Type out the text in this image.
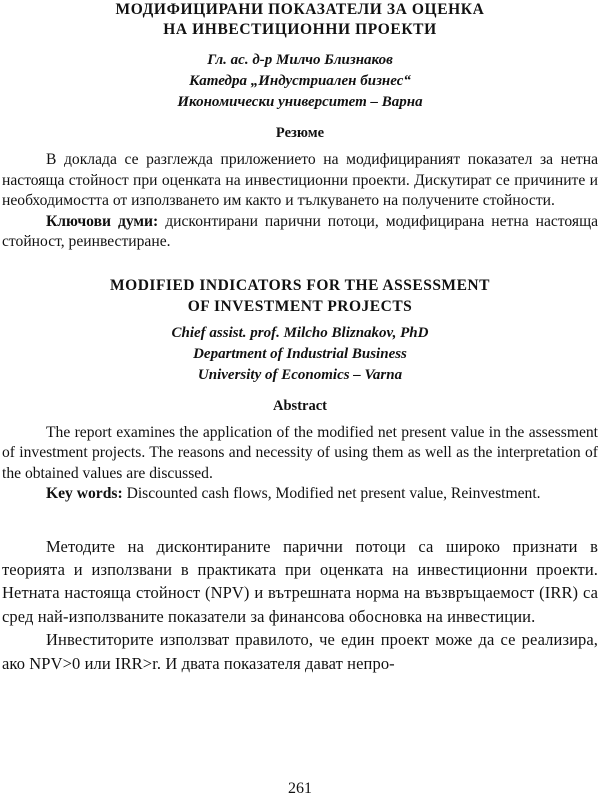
МОДИФИЦИРАНИ ПОКАЗАТЕЛИ ЗА ОЦЕНКА
НА ИНВЕСТИЦИОННИ ПРОЕКТИ
Гл. ас. д-р Милчо Близнаков
Катедра „Индустриален бизнес“
Икономически университет – Варна
Резюме

В доклада се разглежда приложението на модифицираният показател за нетна настояща стойност при оценката на инвестиционни проекти. Дискутират се причините и необходимостта от използването им както и тълкуването на получените стойности.

Ключови думи: дисконтирани парични потоци, модифицирана нетна настояща стойност, реинвестиране.

MODIFIED INDICATORS FOR THE ASSESSMENT
OF INVESTMENT PROJECTS
Chief assist. prof. Milcho Bliznakov, PhD
Department of Industrial Business
University of Economics – Varna
Abstract

The report examines the application of the modified net present value in the assessment of investment projects. The reasons and necessity of using them as well as the interpretation of the obtained values are discussed.

Key words: Discounted cash flows, Modified net present value, Reinvestment.

Методите на дисконтираните парични потоци са широко признати в теорията и използвани в практиката при оценката на инвестиционни проекти. Нетната настояща стойност (NPV) и вътрешната норма на възвръщаемост (IRR) са сред най-използваните показатели за финансова обосновка на инвестиции.

Инвеститорите използват правилото, че един проект може да се реализира, ако NPV>0 или IRR>r. И двата показателя дават непро-

261
